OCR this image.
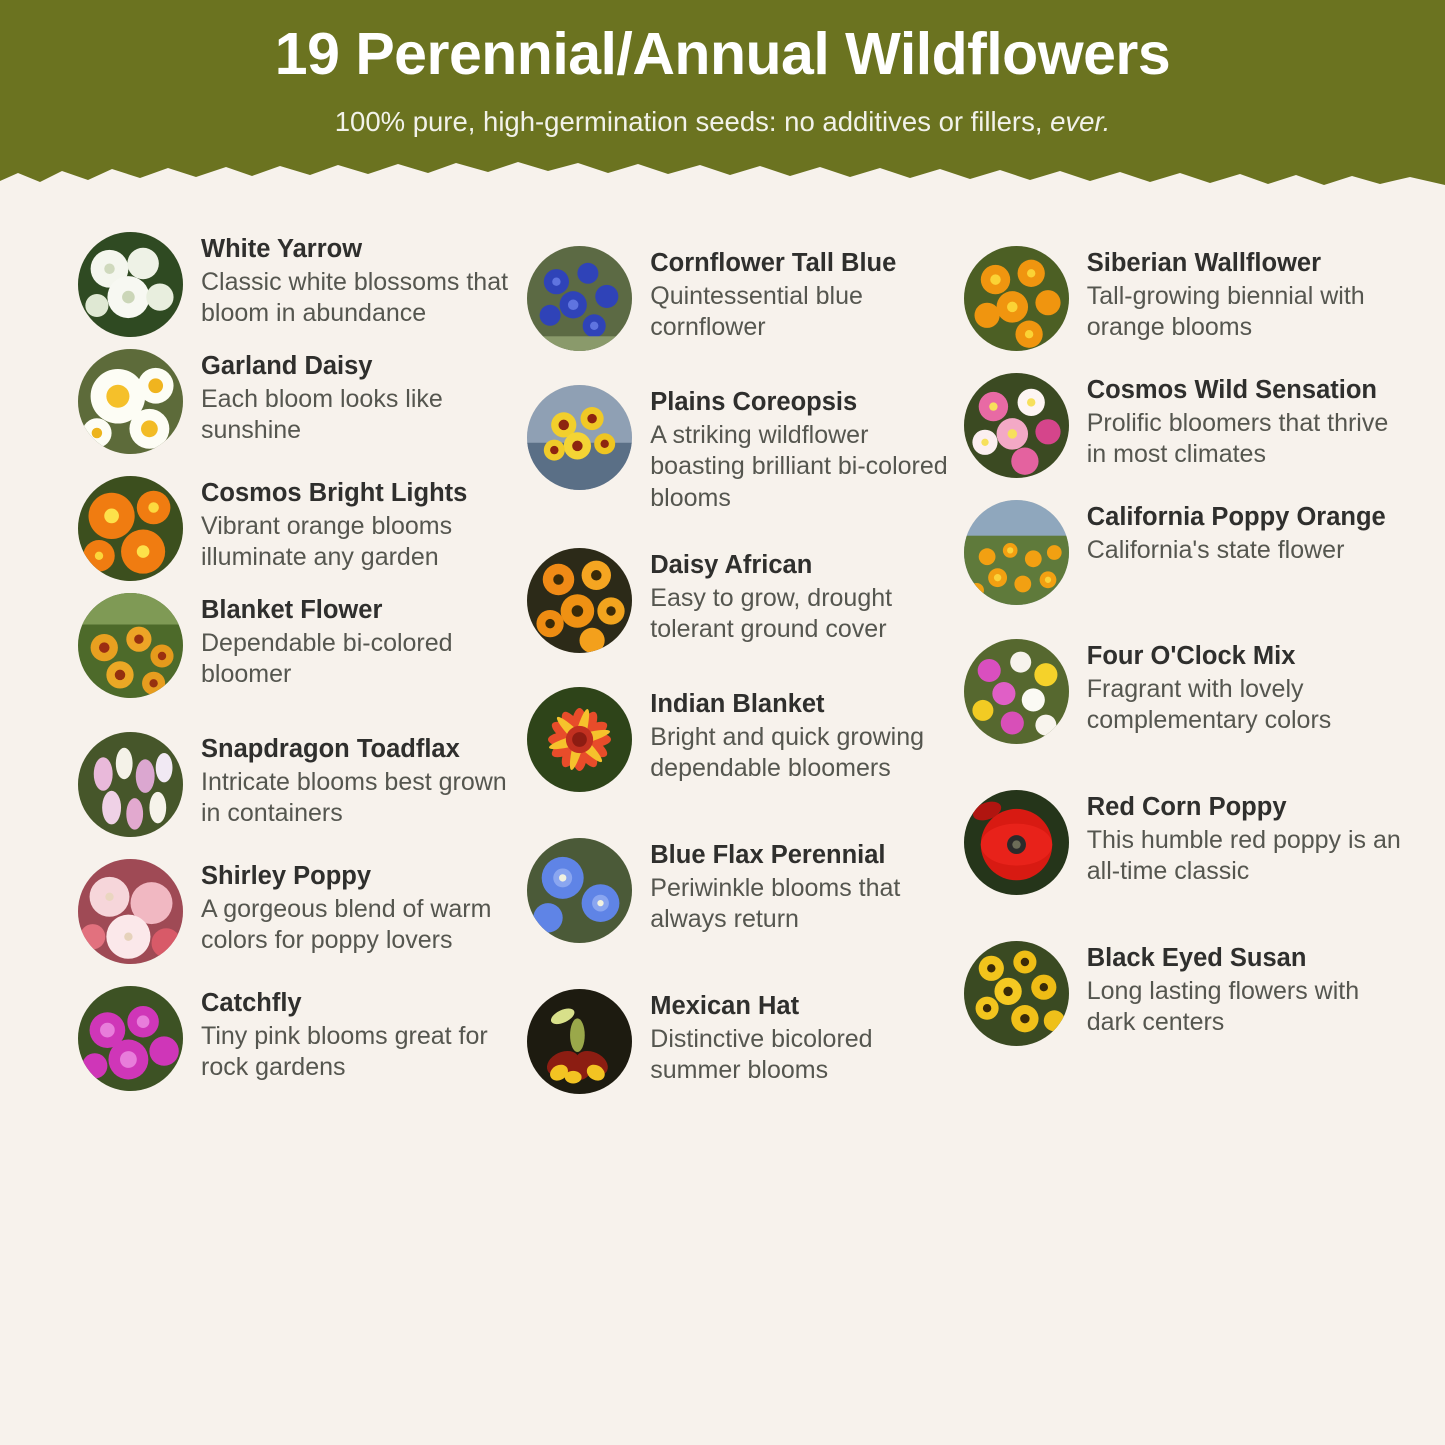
19 Perennial/Annual Wildflowers
100% pure, high-germination seeds: no additives or fillers, ever.

White Yarrow

Classic white blossoms that bloom in abundance

Garland Daisy

Each bloom looks like sunshine

Cosmos Bright Lights

Vibrant orange blooms illuminate any garden

Blanket Flower

Dependable bi-colored bloomer

Snapdragon Toadflax

Intricate blooms best grown in containers

Shirley Poppy

A gorgeous blend of warm colors for poppy lovers

Catchfly

Tiny pink blooms great for rock gardens

Cornflower Tall Blue

Quintessential blue cornflower

Plains Coreopsis

A striking wildflower boasting brilliant bi-colored blooms

Daisy African

Easy to grow, drought tolerant ground cover

Indian Blanket

Bright and quick growing dependable bloomers

Blue Flax Perennial

Periwinkle blooms that always return

Mexican Hat

Distinctive bicolored summer blooms

Siberian Wallflower

Tall-growing biennial with orange blooms

Cosmos Wild Sensation

Prolific bloomers that thrive in most climates

California Poppy Orange

California's state flower

Four O'Clock Mix

Fragrant with lovely complementary colors

Red Corn Poppy

This humble red poppy is an all-time classic

Black Eyed Susan

Long lasting flowers with dark centers
